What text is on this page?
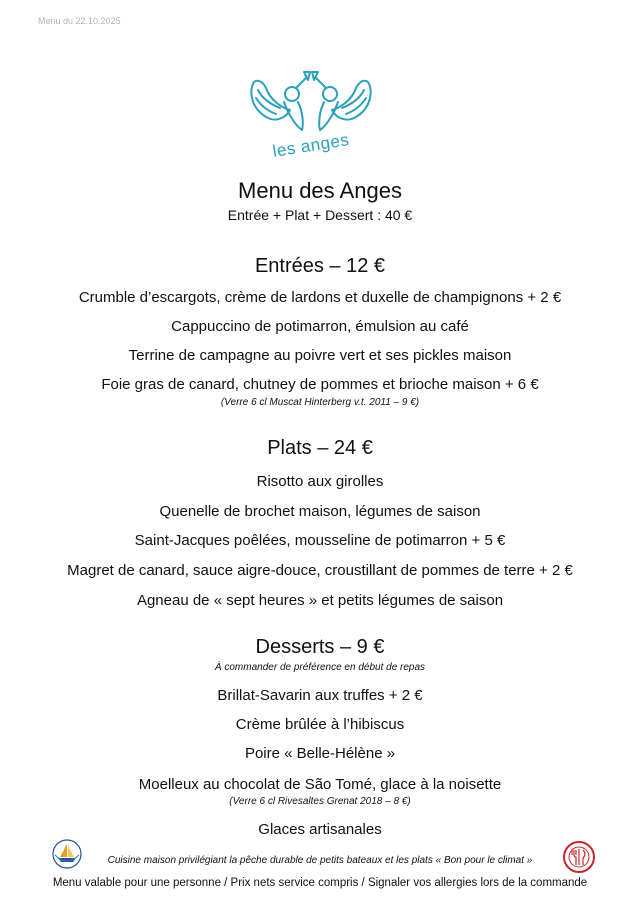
Menu du 22.10.2025
les anges
Menu des Anges
Entrée + Plat + Dessert : 40 €
Entrées – 12 €
Crumble d’escargots, crème de lardons et duxelle de champignons + 2 €
Cappuccino de potimarron, émulsion au café
Terrine de campagne au poivre vert et ses pickles maison
Foie gras de canard, chutney de pommes et brioche maison + 6 €
(Verre 6 cl Muscat Hinterberg v.t. 2011 – 9 €)
Plats – 24 €
Risotto aux girolles
Quenelle de brochet maison, légumes de saison
Saint-Jacques poêlées, mousseline de potimarron + 5 €
Magret de canard, sauce aigre-douce, croustillant de pommes de terre + 2 €
Agneau de « sept heures » et petits légumes de saison
Desserts – 9 €
À commander de préférence en début de repas
Brillat-Savarin aux truffes + 2 €
Crème brûlée à l’hibiscus
Poire « Belle-Hélène »
Moelleux au chocolat de São Tomé, glace à la noisette
(Verre 6 cl Rivesaltes Grenat 2018 – 8 €)
Glaces artisanales
Cuisine maison privilégiant la pêche durable de petits bateaux et les plats « Bon pour le climat »
Menu valable pour une personne / Prix nets service compris / Signaler vos allergies lors de la commande
